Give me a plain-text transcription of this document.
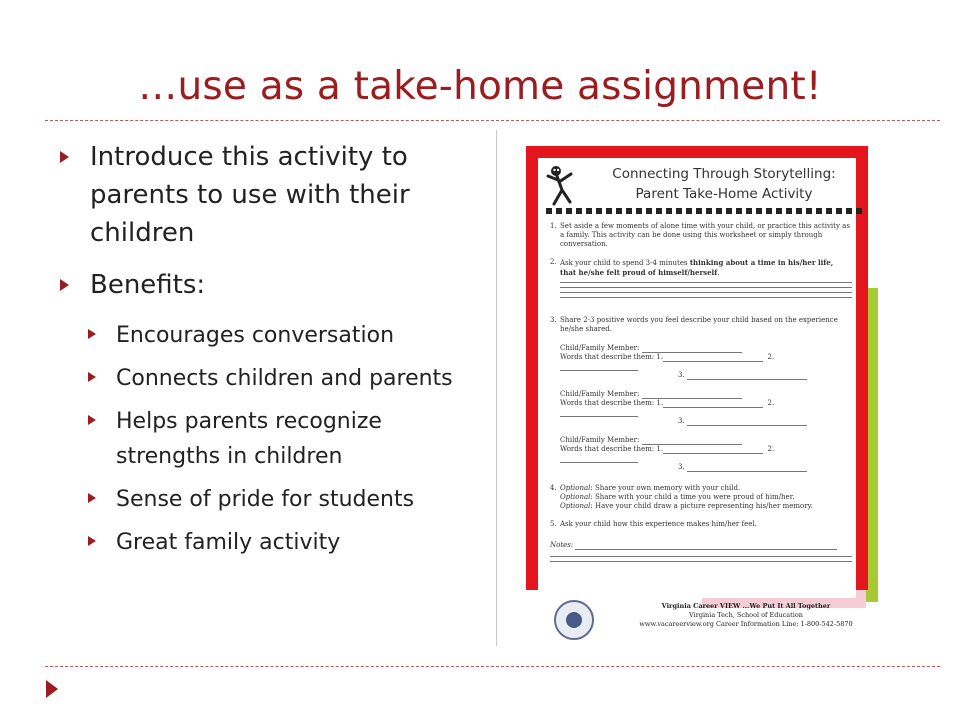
…use as a take-home assignment!
Introduce this activity to parents to use with their children
Benefits:
Encourages conversation
Connects children and parents
Helps parents recognize strengths in children
Sense of pride for students
Great family activity
Connecting Through Storytelling:
Parent Take-Home Activity
1. Set aside a few moments of alone time with your child, or practice this activity as a family. This activity can be done using this worksheet or simply through conversation.
2. Ask your child to spend 3-4 minutes thinking about a time in his/her life, that he/she felt proud of himself/herself.
3. Share 2-3 positive words you feel describe your child based on the experience he/she shared.
Child/Family Member:
Words that describe them: 1.	2.
3.
Child/Family Member:
Words that describe them: 1.	2.
3.
Child/Family Member:
Words that describe them: 1.	2.
3.
4. Optional: Share your own memory with your child.
Optional: Share with your child a time you were proud of him/her.
Optional: Have your child draw a picture representing his/her memory.
5. Ask your child how this experience makes him/her feel.
Notes:
Virginia Career VIEW ...We Put It All Together
Virginia Tech, School of Education
www.vacareerview.org Career Information Line: 1-800-542-5870
